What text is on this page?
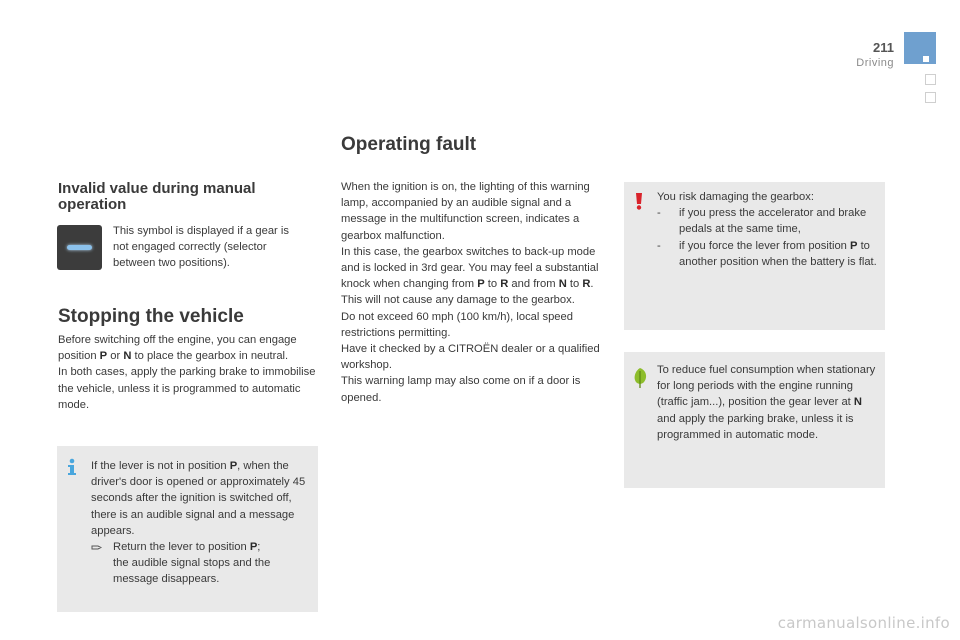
211
Driving
Invalid value during manual operation
This symbol is displayed if a gear is not engaged correctly (selector between two positions).
Stopping the vehicle

Before switching off the engine, you can engage position P or N to place the gearbox in neutral.

In both cases, apply the parking brake to immobilise the vehicle, unless it is programmed to automatic mode.

If the lever is not in position P, when the driver's door is opened or approximately 45 seconds after the ignition is switched off, there is an audible signal and a message appears.

Return the lever to position P;

the audible signal stops and the message disappears.

Operating fault

When the ignition is on, the lighting of this warning lamp, accompanied by an audible signal and a message in the multifunction screen, indicates a gearbox malfunction.

In this case, the gearbox switches to back-up mode and is locked in 3rd gear. You may feel a substantial knock when changing from P to R and from N to R. This will not cause any damage to the gearbox.

Do not exceed 60 mph (100 km/h), local speed restrictions permitting.

Have it checked by a CITROËN dealer or a qualified workshop.

This warning lamp may also come on if a door is opened.

You risk damaging the gearbox:

-	if you press the accelerator and brake pedals at the same time,
-	if you force the lever from position P to another position when the battery is flat.

To reduce fuel consumption when stationary for long periods with the engine running (traffic jam...), position the gear lever at N and apply the parking brake, unless it is programmed in automatic mode.

carmanualsonline.info
